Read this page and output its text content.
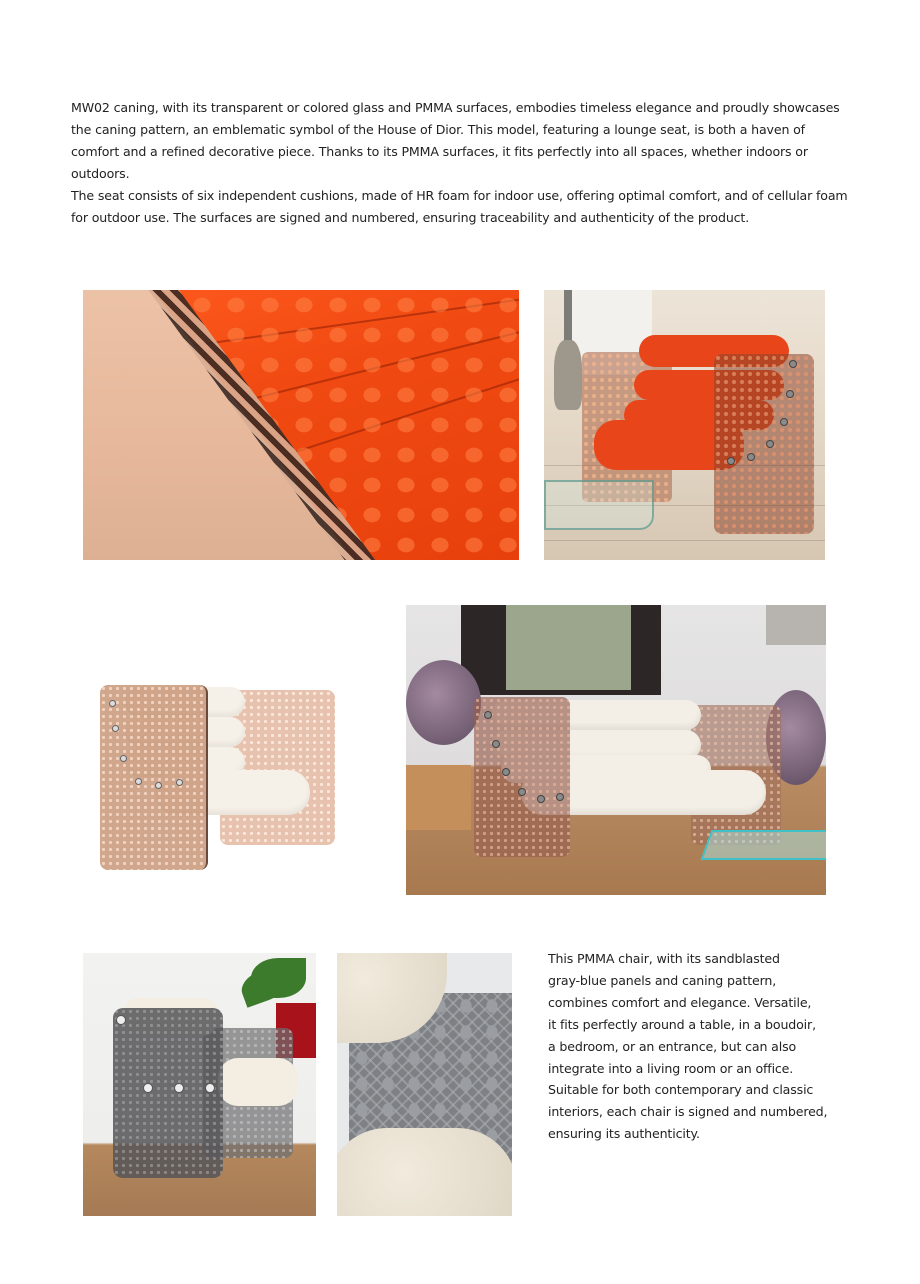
MW02 caning, with its transparent or colored glass and PMMA surfaces, embodies timeless elegance and proudly showcases the caning pattern, an emblematic symbol of the House of Dior. This model, featuring a lounge seat, is both a haven of comfort and a refined decorative piece. Thanks to its PMMA surfaces, it fits perfectly into all spaces, whether indoors or outdoors.

The seat consists of six independent cushions, made of HR foam for indoor use, offering optimal comfort, and of cellular foam for outdoor use. The surfaces are signed and numbered, ensuring traceability and authenticity of the product.

This PMMA chair, with its sandblasted
gray-blue panels and caning pattern,
combines comfort and elegance. Versatile,
it fits perfectly around a table, in a boudoir,
a bedroom, or an entrance, but can also
integrate into a living room or an office.
Suitable for both contemporary and classic
interiors, each chair is signed and numbered,
ensuring its authenticity.
